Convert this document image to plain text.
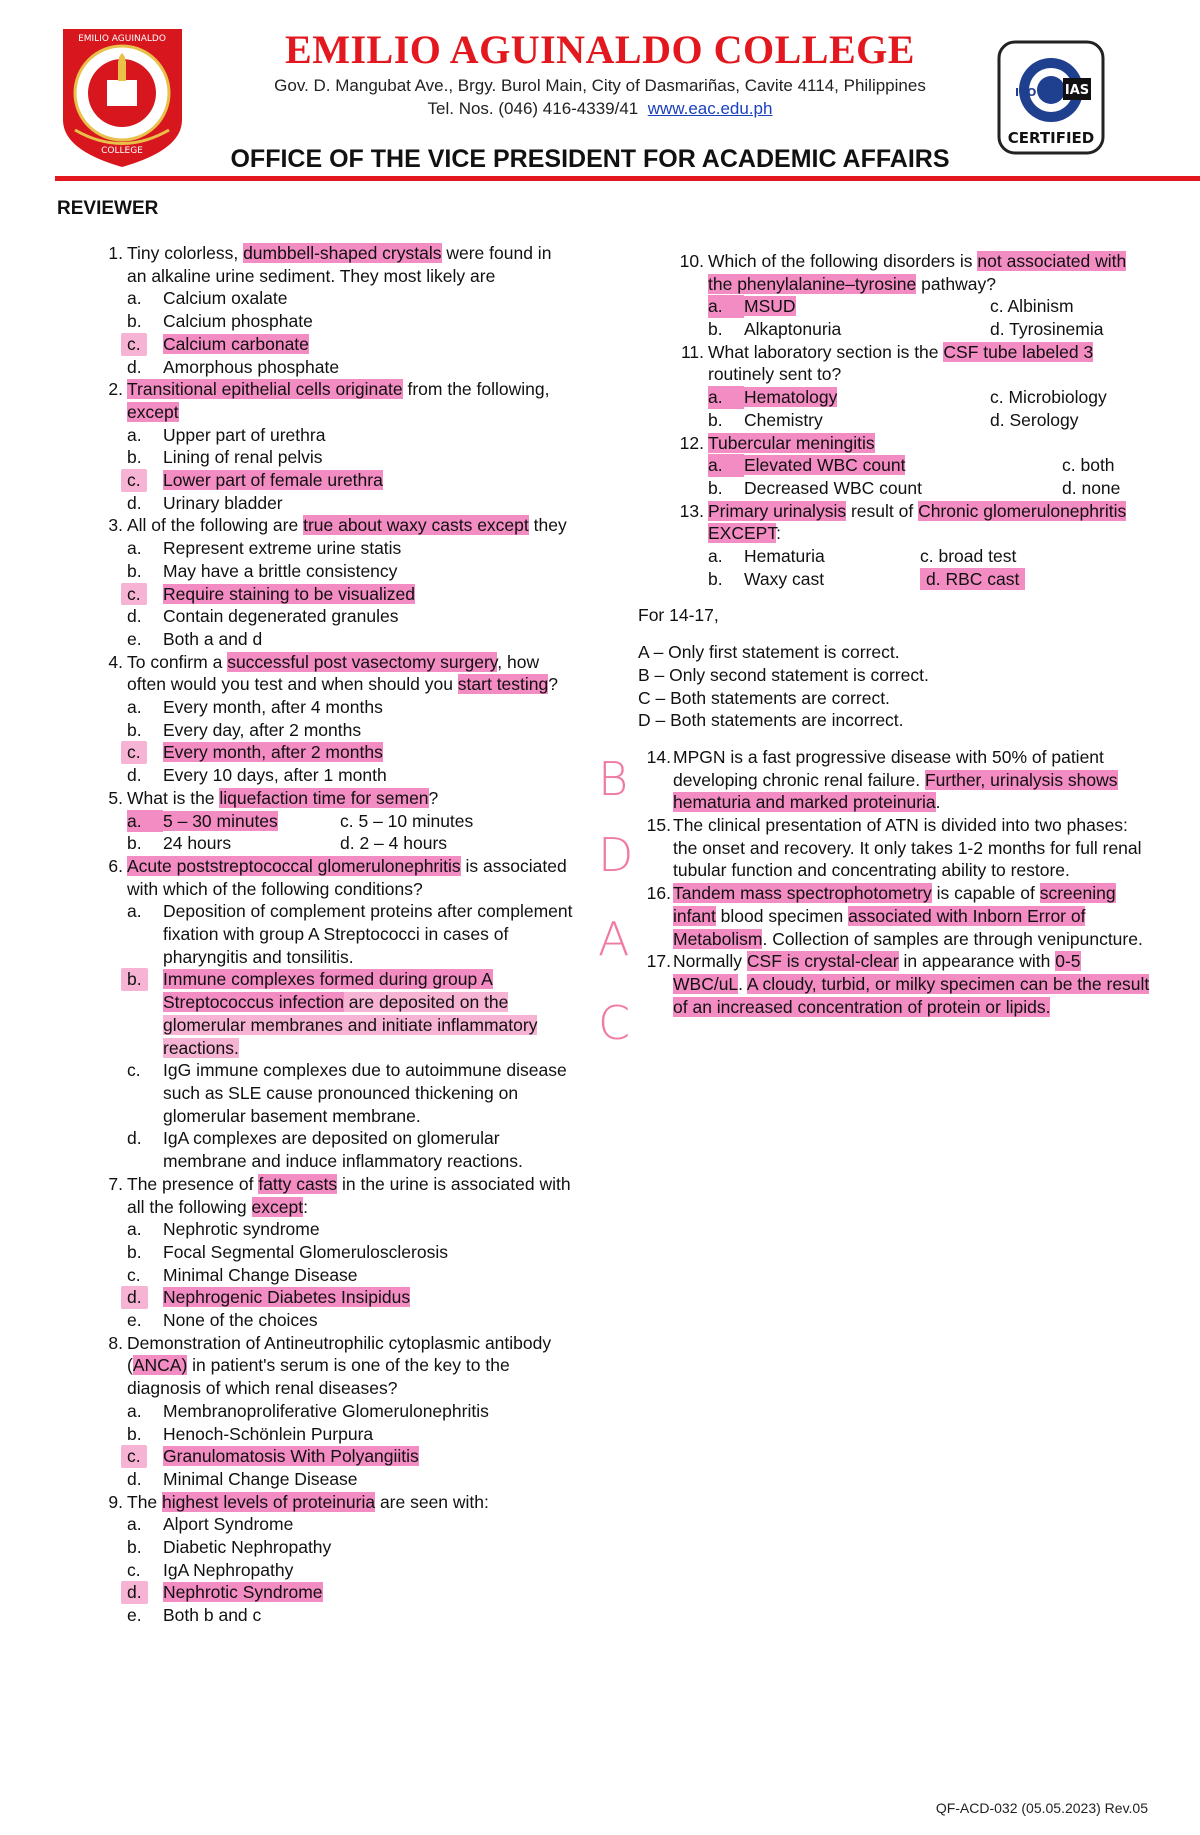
EMILIO AGUINALDO
COLLEGE
EMILIO AGUINALDO COLLEGE
Gov. D. Mangubat Ave., Brgy. Burol Main, City of Dasmariñas, Cavite 4114, Philippines
Tel. Nos. (046) 416-4339/41 www.eac.edu.ph
OFFICE OF THE VICE PRESIDENT FOR ACADEMIC AFFAIRS
ISO IAS
CERTIFIED
REVIEWER
1. Tiny colorless, dumbbell-shaped crystals were found in an alkaline urine sediment. They most likely are
a. Calcium oxalate
b. Calcium phosphate
c.	Calcium carbonate
d. Amorphous phosphate
2. Transitional epithelial cells originate from the following, except
a. Upper part of urethra
b. Lining of renal pelvis
c.	Lower part of female urethra
d. Urinary bladder
3. All of the following are true about waxy casts except they
a. Represent extreme urine statis
b. May have a brittle consistency
c.	Require staining to be visualized
d. Contain degenerated granules
e. Both a and d
4. To confirm a successful post vasectomy surgery, how often would you test and when should you start testing?
a. Every month, after 4 months
b. Every day, after 2 months
c.	Every month, after 2 months
d. Every 10 days, after 1 month
5. What is the liquefaction time for semen?
a. 5 – 30 minutes	c. 5 – 10 minutes
b. 24 hours	d. 2 – 4 hours
6. Acute poststreptococcal glomerulonephritis is associated with which of the following conditions?
a. Deposition of complement proteins after complement fixation with group A Streptococci in cases of pharyngitis and tonsilitis.
b.	Immune complexes formed during group A Streptococcus infection are deposited on the glomerular membranes and initiate inflammatory reactions.
c. IgG immune complexes due to autoimmune disease such as SLE cause pronounced thickening on glomerular basement membrane.
d. IgA complexes are deposited on glomerular membrane and induce inflammatory reactions.
7. The presence of fatty casts in the urine is associated with all the following except:
a. Nephrotic syndrome
b. Focal Segmental Glomerulosclerosis
c. Minimal Change Disease
d.	Nephrogenic Diabetes Insipidus
e. None of the choices
8. Demonstration of Antineutrophilic cytoplasmic antibody (ANCA) in patient's serum is one of the key to the diagnosis of which renal diseases?
a. Membranoproliferative Glomerulonephritis
b. Henoch-Schönlein Purpura
c.	Granulomatosis With Polyangiitis
d. Minimal Change Disease
9. The highest levels of proteinuria are seen with:
a. Alport Syndrome
b. Diabetic Nephropathy
c. IgA Nephropathy
d.	Nephrotic Syndrome
e. Both b and c
10. Which of the following disorders is not associated with the phenylalanine–tyrosine pathway?
a. MSUD	c. Albinism
b. Alkaptonuria	d. Tyrosinemia
11. What laboratory section is the CSF tube labeled 3 routinely sent to?
a. Hematology	c. Microbiology
b. Chemistry	d. Serology
12. Tubercular meningitis
a. Elevated WBC count	c. both
b. Decreased WBC count	d. none
13. Primary urinalysis result of Chronic glomerulonephritis EXCEPT:
a. Hematuria	c. broad test
b. Waxy cast	d. RBC cast
For 14-17,
A – Only first statement is correct.
B – Only second statement is correct.
C – Both statements are correct.
D – Both statements are incorrect.
14. MPGN is a fast progressive disease with 50% of patient developing chronic renal failure. Further, urinalysis shows hematuria and marked proteinuria.
15. The clinical presentation of ATN is divided into two phases: the onset and recovery. It only takes 1-2 months for full renal tubular function and concentrating ability to restore.
16. Tandem mass spectrophotometry is capable of screening infant blood specimen associated with Inborn Error of Metabolism. Collection of samples are through venipuncture.
17. Normally CSF is crystal-clear in appearance with 0-5 WBC/uL. A cloudy, turbid, or milky specimen can be the result of an increased concentration of protein or lipids.
B
D
A
C
QF-ACD-032 (05.05.2023) Rev.05
